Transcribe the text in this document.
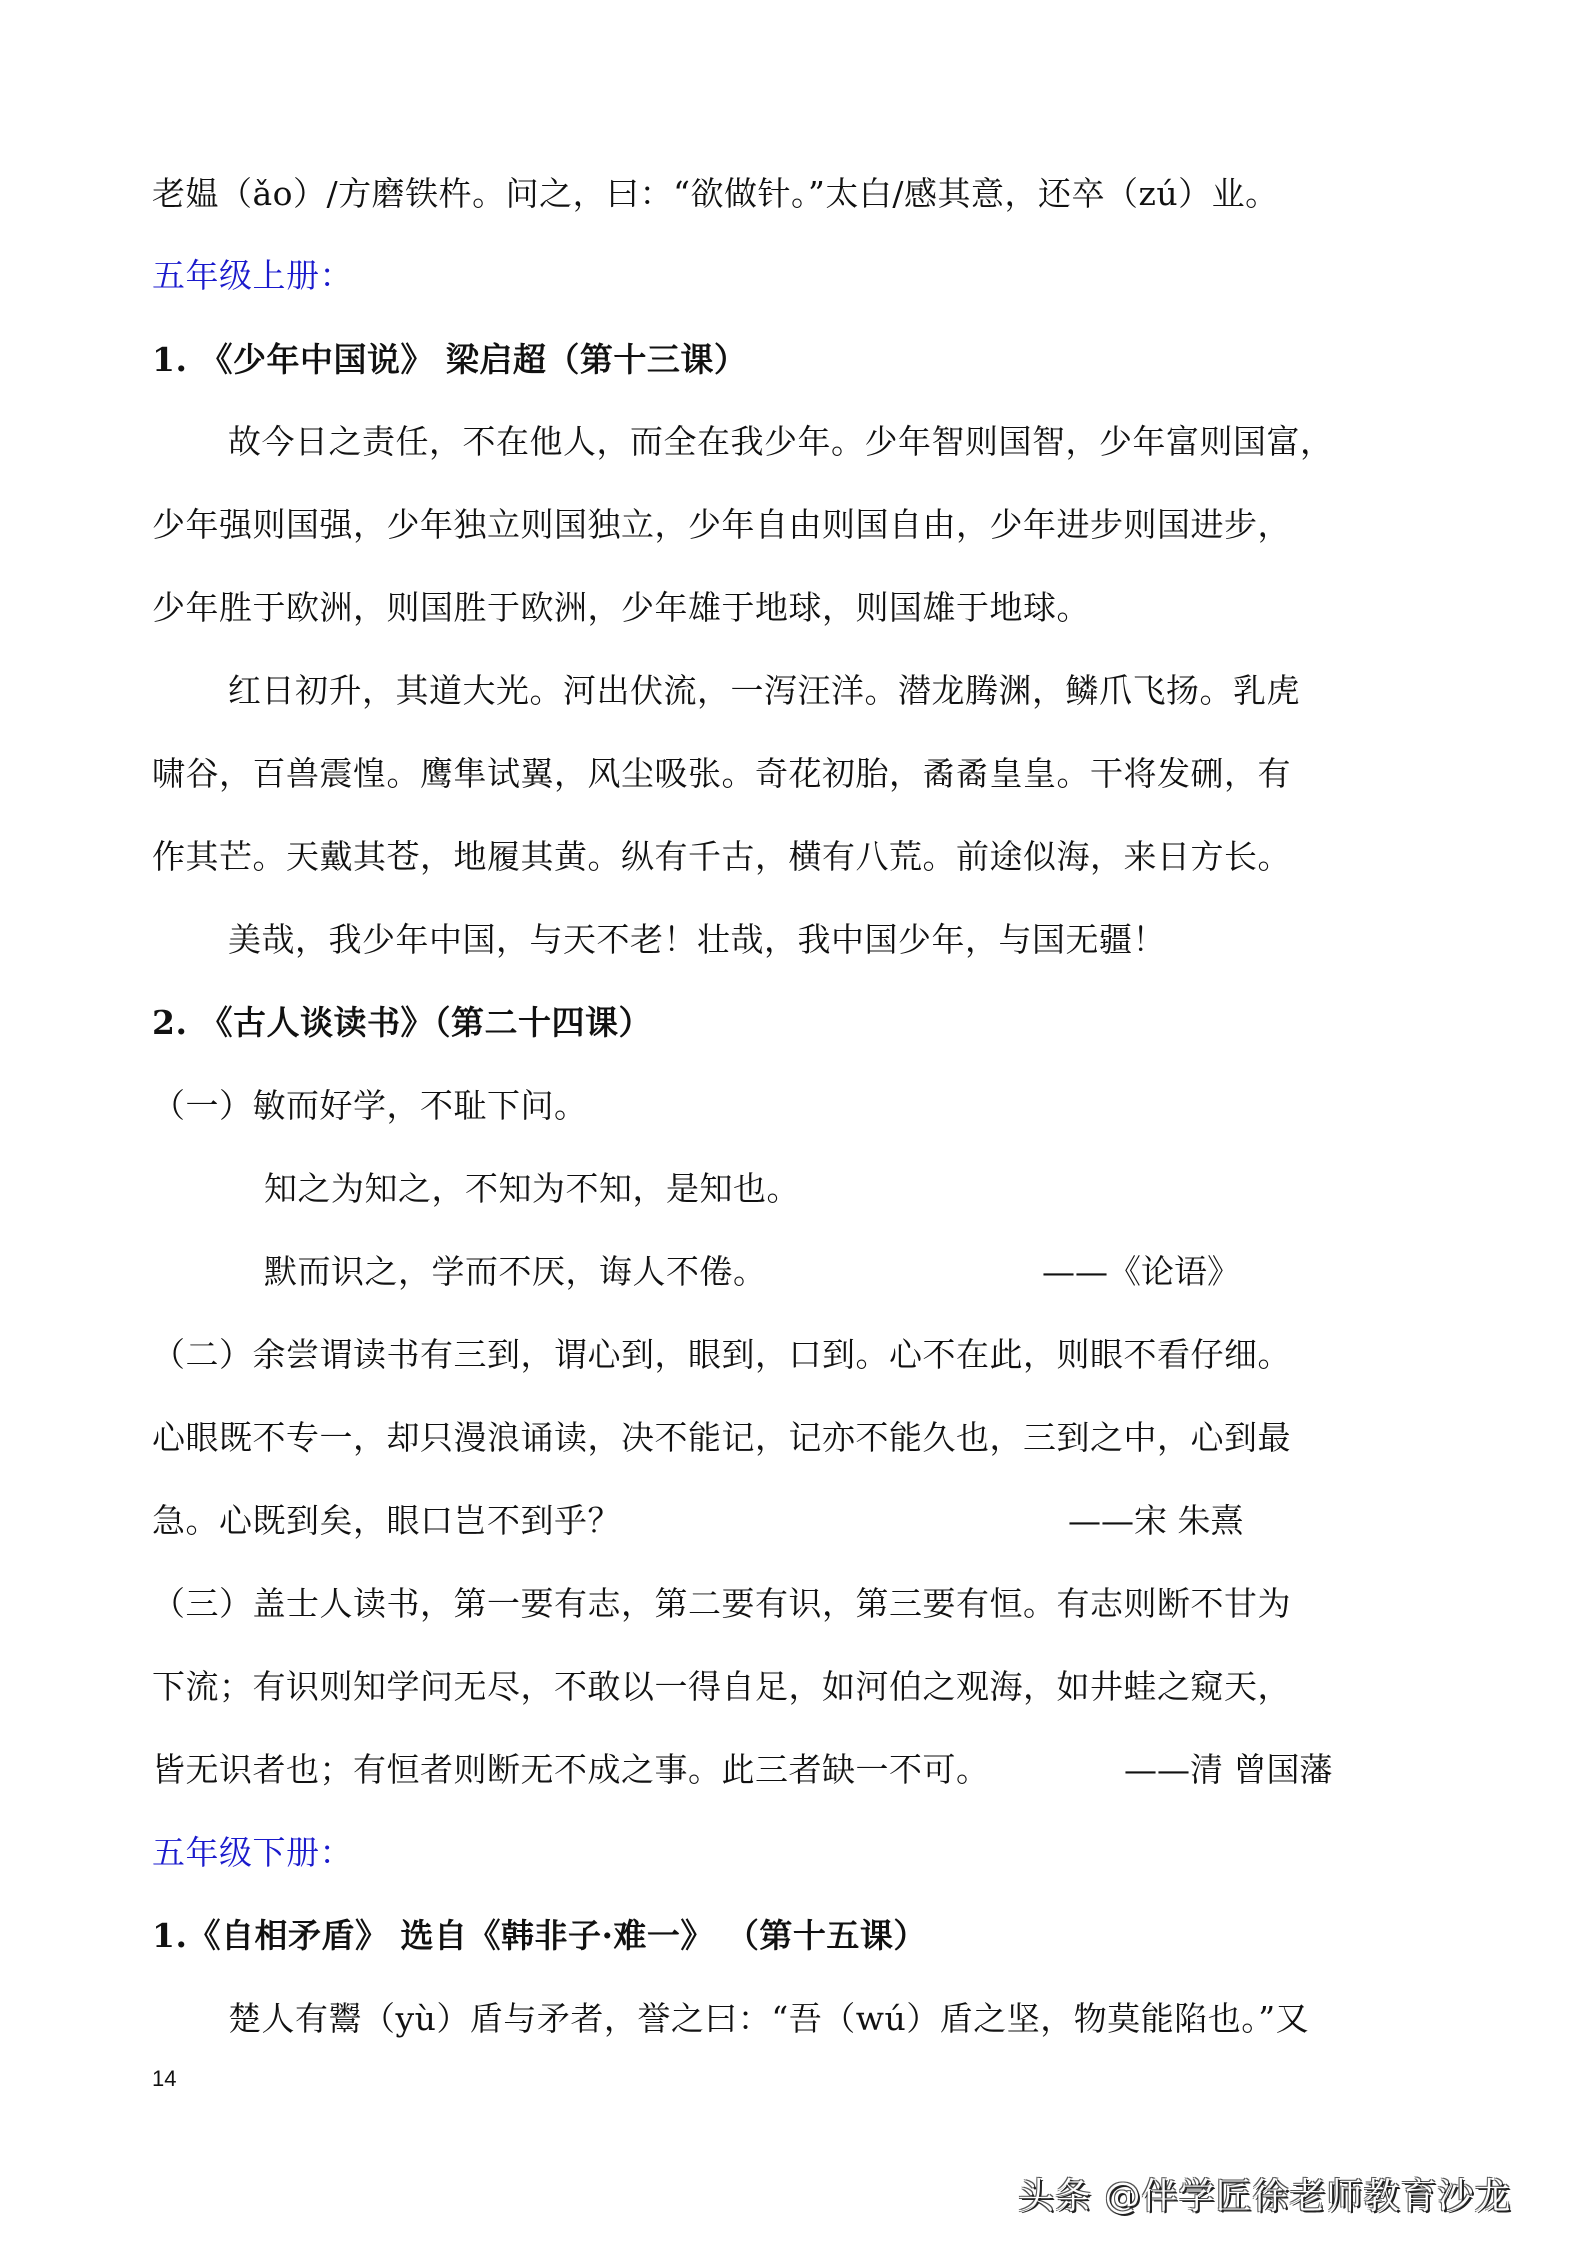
老媪（ǎo）/方磨铁杵。问之，曰：“欲做针。”太白/感其意，还卒（zú）业。
五年级上册：
1. 《少年中国说》 梁启超（第十三课）
故今日之责任，不在他人，而全在我少年。少年智则国智，少年富则国富，
少年强则国强，少年独立则国独立，少年自由则国自由，少年进步则国进步，
少年胜于欧洲，则国胜于欧洲，少年雄于地球，则国雄于地球。
红日初升，其道大光。河出伏流，一泻汪洋。潜龙腾渊，鳞爪飞扬。乳虎
啸谷，百兽震惶。鹰隼试翼，风尘吸张。奇花初胎，矞矞皇皇。干将发硎，有
作其芒。天戴其苍，地履其黄。纵有千古，横有八荒。前途似海，来日方长。
美哉，我少年中国，与天不老！壮哉，我中国少年，与国无疆！
2. 《古人谈读书》（第二十四课）
（一）敏而好学，不耻下问。
知之为知之，不知为不知，是知也。
默而识之，学而不厌，诲人不倦。	——《论语》
（二）余尝谓读书有三到，谓心到，眼到，口到。心不在此，则眼不看仔细。
心眼既不专一，却只漫浪诵读，决不能记，记亦不能久也，三到之中，心到最
急。心既到矣，眼口岂不到乎？	——宋 朱熹
（三）盖士人读书，第一要有志，第二要有识，第三要有恒。有志则断不甘为
下流；有识则知学问无尽，不敢以一得自足，如河伯之观海，如井蛙之窥天，
皆无识者也；有恒者则断无不成之事。此三者缺一不可。	——清 曾国藩
五年级下册：
1.《自相矛盾》 选自《韩非子·难一》 （第十五课）
楚人有鬻（yù）盾与矛者，誉之曰：“吾（wú）盾之坚，物莫能陷也。”又
14
头条 @伴学匠徐老师教育沙龙
